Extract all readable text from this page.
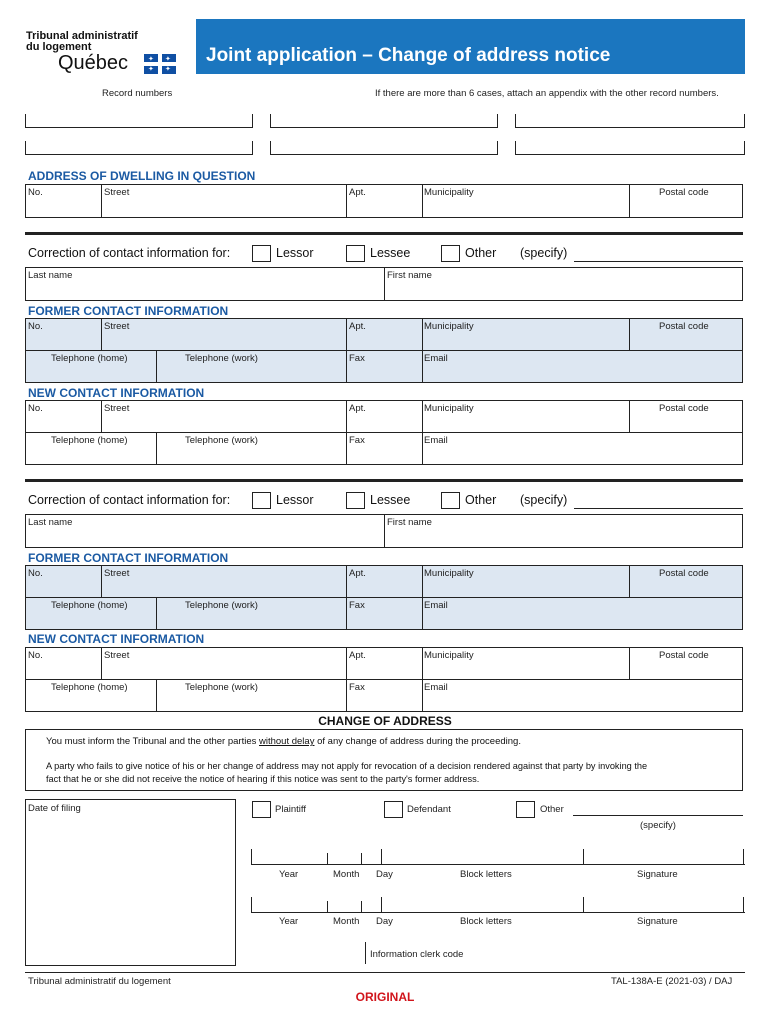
Tribunal administratif
du logement
Québec	✦ ✦
✦ ✦
Joint application – Change of address notice
Record numbers	If there are more than 6 cases, attach an appendix with the other record numbers.
ADDRESS OF DWELLING IN QUESTION
No.	Street	Apt.	Municipality	Postal code
Correction of contact information for:	Lessor	Lessee	Other (specify)
Last name	First name
FORMER CONTACT INFORMATION
No.	Street	Apt.	Municipality	Postal code
Telephone (home)	Telephone (work)	Fax	Email
NEW CONTACT INFORMATION
No.	Street	Apt.	Municipality	Postal code
Telephone (home)	Telephone (work)	Fax	Email
Correction of contact information for:	Lessor	Lessee	Other (specify)
Last name	First name
FORMER CONTACT INFORMATION
No.	Street	Apt.	Municipality	Postal code
Telephone (home)	Telephone (work)	Fax	Email
NEW CONTACT INFORMATION
No.	Street	Apt.	Municipality	Postal code
Telephone (home)	Telephone (work)	Fax	Email
CHANGE OF ADDRESS
You must inform the Tribunal and the other parties without delay of any change of address during the proceeding.
A party who fails to give notice of his or her change of address may not apply for revocation of a decision rendered against that party by invoking the
fact that he or she did not receive the notice of hearing if this notice was sent to the party's former address.
Date of filing	Plaintiff	Defendant	Other
(specify)
Year	Month Day	Block letters	Signature
Year	Month Day	Block letters	Signature
Information clerk code
Tribunal administratif du logement	TAL-138A-E (2021-03) / DAJ
ORIGINAL
